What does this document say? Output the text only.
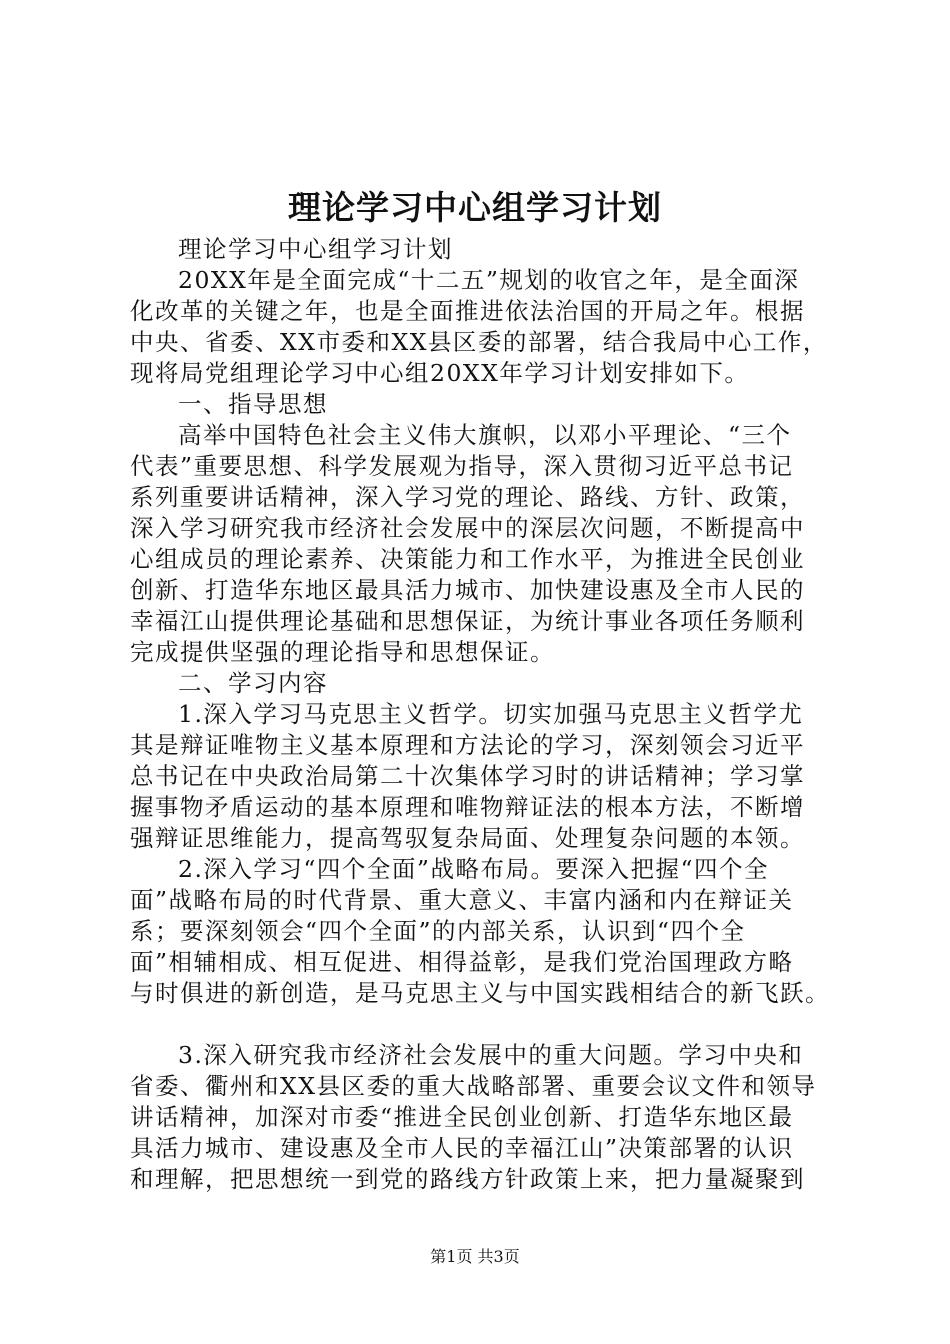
理论学习中心组学习计划
理论学习中心组学习计划
20XX年是全面完成“十二五”规划的收官之年，是全面深
化改革的关键之年，也是全面推进依法治国的开局之年。根据
中央、省委、XX市委和XX县区委的部署，结合我局中心工作，
现将局党组理论学习中心组20XX年学习计划安排如下。
一、指导思想
高举中国特色社会主义伟大旗帜，以邓小平理论、“三个
代表”重要思想、科学发展观为指导，深入贯彻习近平总书记
系列重要讲话精神，深入学习党的理论、路线、方针、政策，
深入学习研究我市经济社会发展中的深层次问题，不断提高中
心组成员的理论素养、决策能力和工作水平，为推进全民创业
创新、打造华东地区最具活力城市、加快建设惠及全市人民的
幸福江山提供理论基础和思想保证，为统计事业各项任务顺利
完成提供坚强的理论指导和思想保证。
二、学习内容
1.深入学习马克思主义哲学。切实加强马克思主义哲学尤
其是辩证唯物主义基本原理和方法论的学习，深刻领会习近平
总书记在中央政治局第二十次集体学习时的讲话精神；学习掌
握事物矛盾运动的基本原理和唯物辩证法的根本方法，不断增
强辩证思维能力，提高驾驭复杂局面、处理复杂问题的本领。
2.深入学习“四个全面”战略布局。要深入把握“四个全
面”战略布局的时代背景、重大意义、丰富内涵和内在辩证关
系；要深刻领会“四个全面”的内部关系，认识到“四个全
面”相辅相成、相互促进、相得益彰，是我们党治国理政方略
与时俱进的新创造，是马克思主义与中国实践相结合的新飞跃。
3.深入研究我市经济社会发展中的重大问题。学习中央和
省委、衢州和XX县区委的重大战略部署、重要会议文件和领导
讲话精神，加深对市委“推进全民创业创新、打造华东地区最
具活力城市、建设惠及全市人民的幸福江山”决策部署的认识
和理解，把思想统一到党的路线方针政策上来，把力量凝聚到
第1页 共3页
